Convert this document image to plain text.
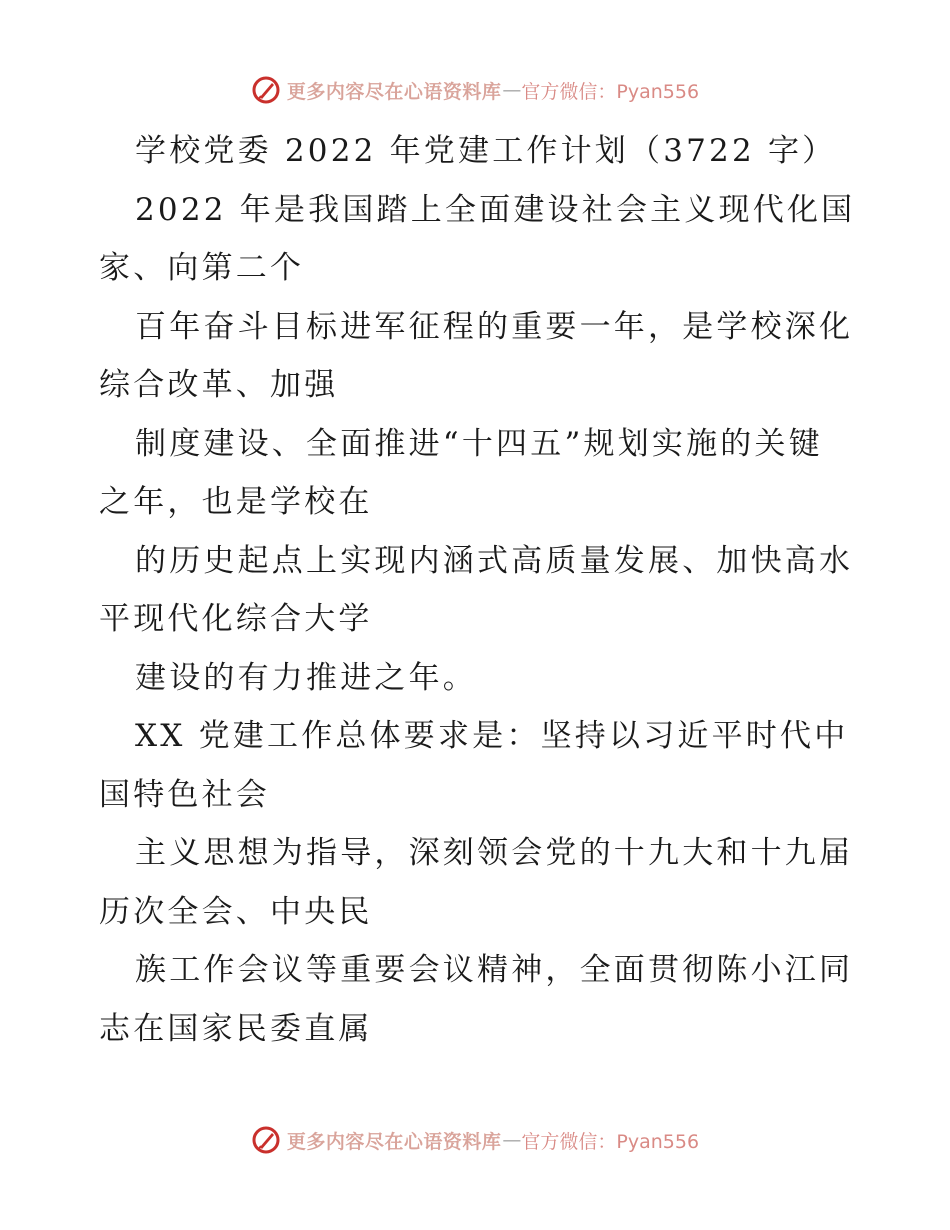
更多内容尽在心语资料库 — 官方微信：Pyan556
学校党委 2022 年党建工作计划（3722 字）
2022 年是我国踏上全面建设社会主义现代化国
家、向第二个
百年奋斗目标进军征程的重要一年，是学校深化
综合改革、加强
制度建设、全面推进“十四五”规划实施的关键
之年，也是学校在
的历史起点上实现内涵式高质量发展、加快高水
平现代化综合大学
建设的有力推进之年。
XX 党建工作总体要求是：坚持以习近平时代中
国特色社会
主义思想为指导，深刻领会党的十九大和十九届
历次全会、中央民
族工作会议等重要会议精神，全面贯彻陈小江同
志在国家民委直属
更多内容尽在心语资料库 — 官方微信：Pyan556
